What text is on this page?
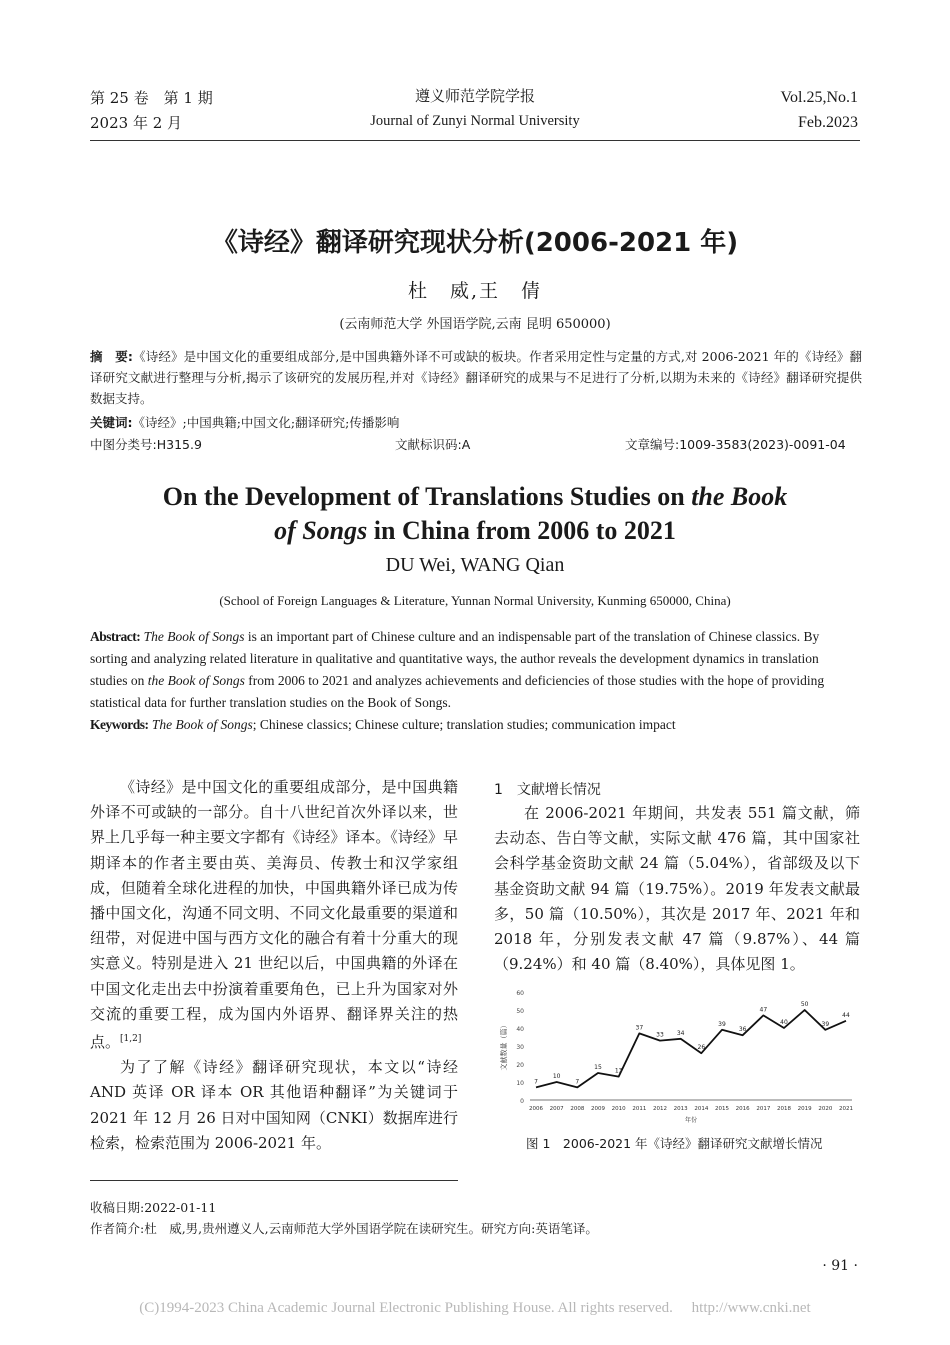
第 25 卷　第 1 期
2023 年 2 月
遵义师范学院学报
Journal of Zunyi Normal University
Vol.25,No.1
Feb.2023
《诗经》翻译研究现状分析(2006-2021 年)
杜　威,王　倩
(云南师范大学 外国语学院,云南 昆明 650000)
摘　要:《诗经》是中国文化的重要组成部分,是中国典籍外译不可或缺的板块。作者采用定性与定量的方式,对 2006-2021 年的《诗经》翻译研究文献进行整理与分析,揭示了该研究的发展历程,并对《诗经》翻译研究的成果与不足进行了分析,以期为未来的《诗经》翻译研究提供数据支持。
关键词:《诗经》;中国典籍;中国文化;翻译研究;传播影响
中图分类号:H315.9	文献标识码:A	文章编号:1009-3583(2023)-0091-04
On the Development of Translations Studies on the Book
of Songs in China from 2006 to 2021
DU Wei, WANG Qian
(School of Foreign Languages & Literature, Yunnan Normal University, Kunming 650000, China)
Abstract: The Book of Songs is an important part of Chinese culture and an indispensable part of the translation of Chinese classics. By
sorting and analyzing related literature in qualitative and quantitative ways, the author reveals the development dynamics in translation
studies on the Book of Songs from 2006 to 2021 and analyzes achievements and deficiencies of those studies with the hope of providing
statistical data for further translation studies on the Book of Songs.
Keywords: The Book of Songs; Chinese classics; Chinese culture; translation studies; communication impact

《诗经》是中国文化的重要组成部分，是中国典籍外译不可或缺的一部分。自十八世纪首次外译以来，世界上几乎每一种主要文字都有《诗经》译本。《诗经》早期译本的作者主要由英、美海员、传教士和汉学家组成，但随着全球化进程的加快，中国典籍外译已成为传播中国文化，沟通不同文明、不同文化最重要的渠道和纽带，对促进中国与西方文化的融合有着十分重大的现实意义。特别是进入 21 世纪以后，中国典籍的外译在中国文化走出去中扮演着重要角色，已上升为国家对外交流的重要工程，成为国内外语界、翻译界关注的热点。[1,2]

为了了解《诗经》翻译研究现状，本文以“诗经 AND 英译 OR 译本 OR 其他语种翻译”为关键词于 2021 年 12 月 26 日对中国知网（CNKI）数据库进行检索，检索范围为 2006-2021 年。

1　文献增长情况

在 2006-2021 年期间，共发表 551 篇文献，筛去动态、告白等文献，实际文献 476 篇，其中国家社会科学基金资助文献 24 篇（5.04%），省部级及以下基金资助文献 94 篇（19.75%）。2019 年发表文献最多，50 篇（10.50%），其次是 2017 年、2021 年和 2018 年，分别发表文献 47 篇（9.87%）、44 篇（9.24%）和 40 篇（8.40%），具体见图 1。

0
10
20
30
40
50
60
文献数量（篇）
2006 2007 2008 2009 2010 2011 2012 2013 2014 2015 2016 2017 2018 2019 2020 2021
年份
7
10
7
15
13
37
33 34
26
39
36
47
40
50
39
44
图 1　2006-2021 年《诗经》翻译研究文献增长情况
收稿日期:2022-01-11
作者简介:杜　威,男,贵州遵义人,云南师范大学外国语学院在读研究生。研究方向:英语笔译。
· 91 ·
(C)1994-2023 China Academic Journal Electronic Publishing House. All rights reserved.　 http://www.cnki.net
